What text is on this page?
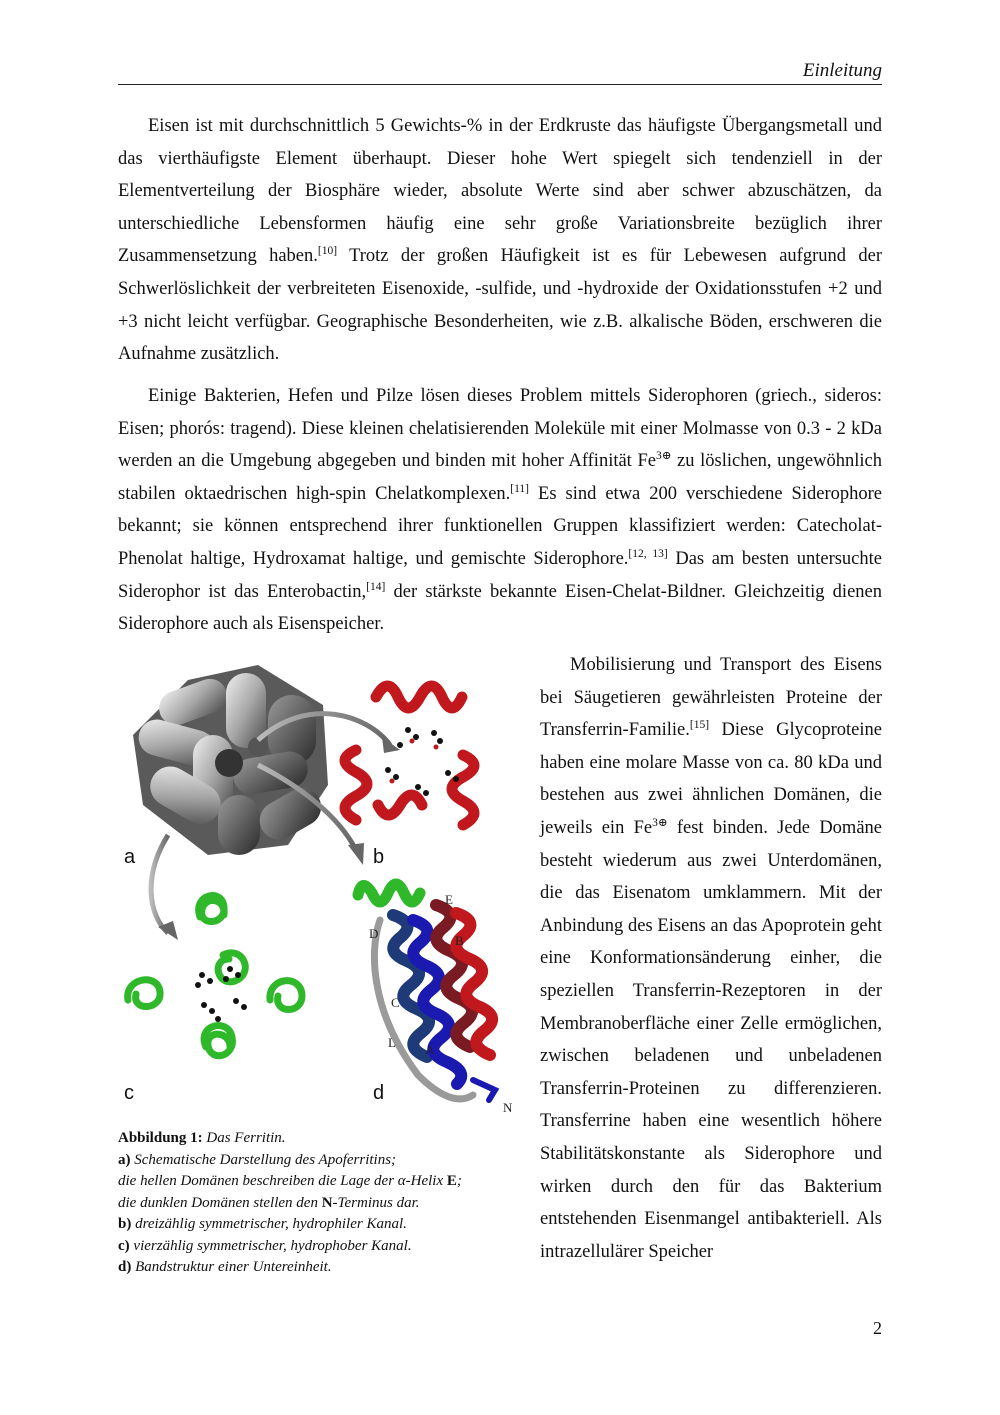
Einleitung

Eisen ist mit durchschnittlich 5 Gewichts-% in der Erdkruste das häufigste Übergangsmetall und das vierthäufigste Element überhaupt. Dieser hohe Wert spiegelt sich tendenziell in der Elementverteilung der Biosphäre wieder, absolute Werte sind aber schwer abzuschätzen, da unterschiedliche Lebensformen häufig eine sehr große Variationsbreite bezüglich ihrer Zusammensetzung haben.[10] Trotz der großen Häufigkeit ist es für Lebewesen aufgrund der Schwerlöslichkeit der verbreiteten Eisenoxide, -sulfide, und -hydroxide der Oxidationsstufen +2 und +3 nicht leicht verfügbar. Geographische Besonderheiten, wie z.B. alkalische Böden, erschweren die Aufnahme zusätzlich.

Einige Bakterien, Hefen und Pilze lösen dieses Problem mittels Siderophoren (griech., sideros: Eisen; phorós: tragend). Diese kleinen chelatisierenden Moleküle mit einer Molmasse von 0.3 - 2 kDa werden an die Umgebung abgegeben und binden mit hoher Affinität $Fe^{3\oplus}$ zu löslichen, ungewöhnlich stabilen oktaedrischen high-spin Chelatkomplexen.[11] Es sind etwa 200 verschiedene Siderophore bekannt; sie können entsprechend ihrer funktionellen Gruppen klassifiziert werden: Catecholat-Phenolat haltige, Hydroxamat haltige, und gemischte Siderophore.[12, 13] Das am besten untersuchte Siderophor ist das Enterobactin,[14] der stärkste bekannte Eisen-Chelat-Bildner. Gleichzeitig dienen Siderophore auch als Eisenspeicher.

Mobilisierung und Transport des Eisens bei Säugetieren gewährleisten Proteine der Transferrin-Familie.[15] Diese Glycoproteine haben eine molare Masse von ca. 80 kDa und bestehen aus zwei ähnlichen Domänen, die jeweils ein $Fe^{3\oplus}$ fest binden. Jede Domäne besteht wiederum aus zwei Unterdomänen, die das Eisenatom umklammern. Mit der Anbindung des Eisens an das Apoprotein geht eine Konformationsänderung einher, die speziellen Transferrin-Rezeptoren in der Membranoberfläche einer Zelle ermöglichen, zwischen beladenen und unbeladenen Transferrin-Proteinen zu differenzieren. Transferrine haben eine wesentlich höhere Stabilitätskonstante als Siderophore und wirken durch den für das Bakterium entstehenden Eisenmangel antibakteriell. Als intrazellulärer Speicher

a	b
c	d
E
D	B
C
L A
N
Abbildung 1: Das Ferritin.
a) Schematische Darstellung des Apoferritins;
die hellen Domänen beschreiben die Lage der α-Helix E;
die dunklen Domänen stellen den N-Terminus dar.
b) dreizählig symmetrischer, hydrophiler Kanal.
c) vierzählig symmetrischer, hydrophober Kanal.
d) Bandstruktur einer Untereinheit.
2
